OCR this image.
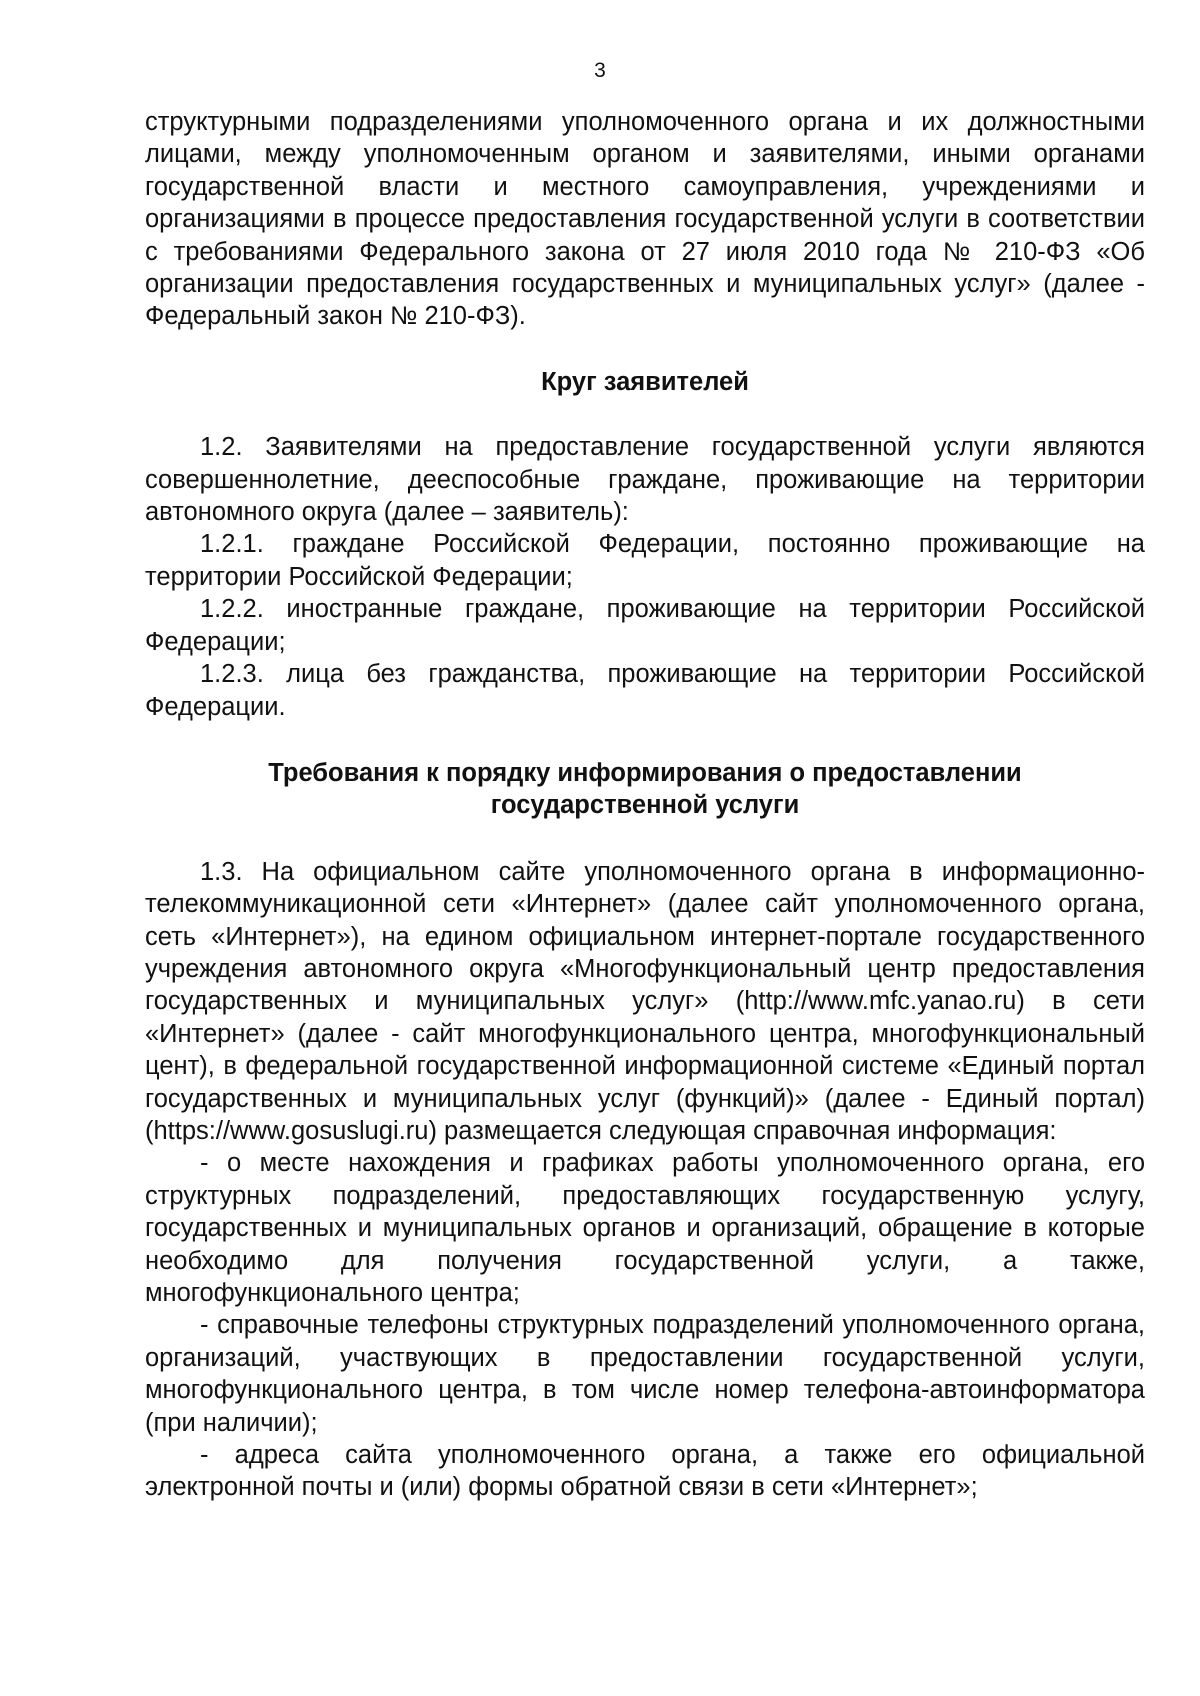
3

структурными подразделениями уполномоченного органа и их должностными лицами, между уполномоченным органом и заявителями, иными органами государственной власти и местного самоуправления, учреждениями и организациями в процессе предоставления государственной услуги в соответствии с требованиями Федерального закона от 27 июля 2010 года № 210-ФЗ «Об организации предоставления государственных и муниципальных услуг» (далее - Федеральный закон № 210-ФЗ).

Круг заявителей

1.2. Заявителями на предоставление государственной услуги являются совершеннолетние, дееспособные граждане, проживающие на территории автономного округа (далее – заявитель):

1.2.1. граждане Российской Федерации, постоянно проживающие на территории Российской Федерации;

1.2.2. иностранные граждане, проживающие на территории Российской Федерации;

1.2.3. лица без гражданства, проживающие на территории Российской Федерации.

Требования к порядку информирования о предоставлении
государственной услуги

1.3. На официальном сайте уполномоченного органа в информационно-телекоммуникационной сети «Интернет» (далее сайт уполномоченного органа, сеть «Интернет»), на едином официальном интернет-портале государственного учреждения автономного округа «Многофункциональный центр предоставления государственных и муниципальных услуг» (http://www.mfc.yanao.ru) в сети «Интернет» (далее - сайт многофункционального центра, многофункциональный цент), в федеральной государственной информационной системе «Единый портал государственных и муниципальных услуг (функций)» (далее - Единый портал) (https://www.gosuslugi.ru) размещается следующая справочная информация:

- о месте нахождения и графиках работы уполномоченного органа, его структурных подразделений, предоставляющих государственную услугу, государственных и муниципальных органов и организаций, обращение в которые необходимо для получения государственной услуги, а также, многофункционального центра;

- справочные телефоны структурных подразделений уполномоченного органа, организаций, участвующих в предоставлении государственной услуги, многофункционального центра, в том числе номер телефона-автоинформатора (при наличии);

- адреса сайта уполномоченного органа, а также его официальной электронной почты и (или) формы обратной связи в сети «Интернет»;
